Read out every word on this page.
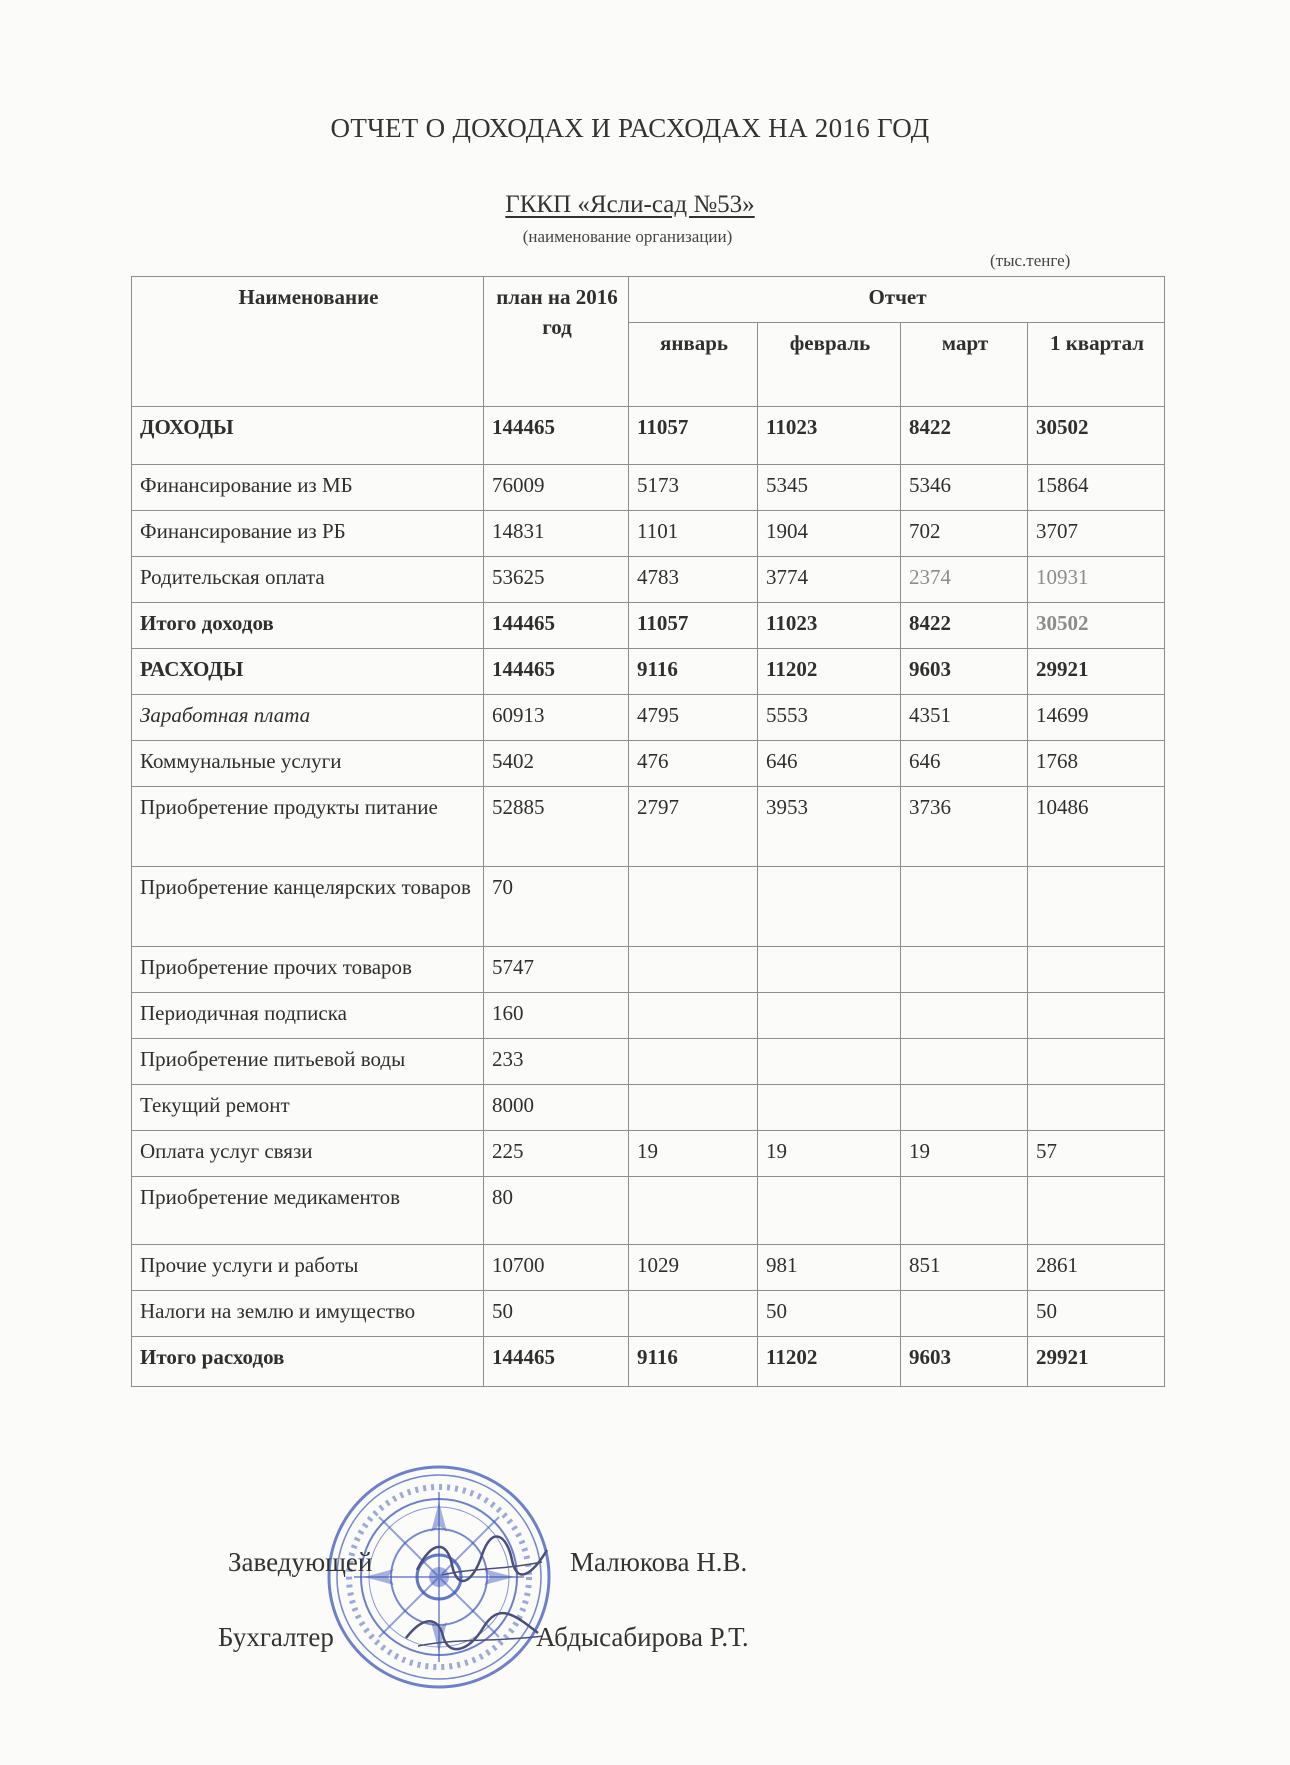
ОТЧЕТ О ДОХОДАХ И РАСХОДАХ НА 2016 ГОД
ГККП «Ясли-сад №53»
(наименование организации)
(тыс.тенге)
Наименование	план на 2016 год	Отчет			
		январь	февраль	март	1 квартал
ДОХОДЫ	144465	11057	11023	8422	30502
Финансирование из МБ	76009	5173	5345	5346	15864
Финансирование из РБ	14831	1101	1904	702	3707
Родительская оплата	53625	4783	3774	2374	10931
Итого доходов	144465	11057	11023	8422	30502
РАСХОДЫ	144465	9116	11202	9603	29921
Заработная плата	60913	4795	5553	4351	14699
Коммунальные услуги	5402	476	646	646	1768
Приобретение продукты питание	52885	2797	3953	3736	10486
Приобретение канцелярских товаров	70				
Приобретение прочих товаров	5747				
Периодичная подписка	160				
Приобретение питьевой воды	233				
Текущий ремонт	8000				
Оплата услуг связи	225	19	19	19	57
Приобретение медикаментов	80				
Прочие услуги и работы	10700	1029	981	851	2861
Налоги на землю и имущество	50		50		50
Итого расходов	144465	9116	11202	9603	29921
Заведующей	Малюкова Н.В.
Бухгалтер	Абдысабирова Р.Т.
